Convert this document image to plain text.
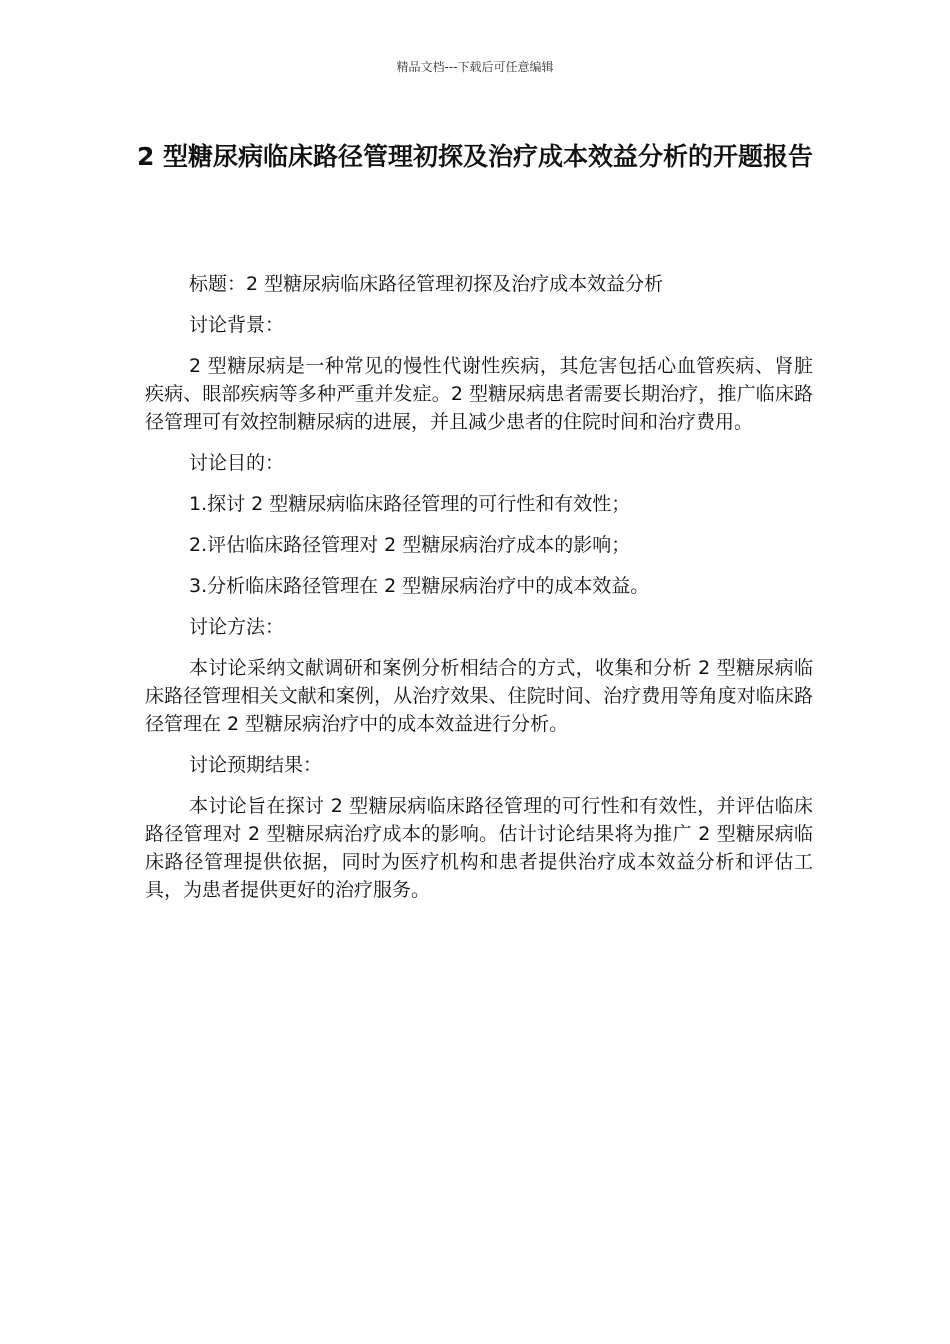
精品文档---下载后可任意编辑
2 型糖尿病临床路径管理初探及治疗成本效益分析的开题报告

标题：2 型糖尿病临床路径管理初探及治疗成本效益分析

讨论背景：

2 型糖尿病是一种常见的慢性代谢性疾病，其危害包括心血管疾病、肾脏疾病、眼部疾病等多种严重并发症。2 型糖尿病患者需要长期治疗，推广临床路径管理可有效控制糖尿病的进展，并且减少患者的住院时间和治疗费用。

讨论目的：

1.探讨 2 型糖尿病临床路径管理的可行性和有效性；

2.评估临床路径管理对 2 型糖尿病治疗成本的影响；

3.分析临床路径管理在 2 型糖尿病治疗中的成本效益。

讨论方法：

本讨论采纳文献调研和案例分析相结合的方式，收集和分析 2 型糖尿病临床路径管理相关文献和案例，从治疗效果、住院时间、治疗费用等角度对临床路径管理在 2 型糖尿病治疗中的成本效益进行分析。

讨论预期结果：

本讨论旨在探讨 2 型糖尿病临床路径管理的可行性和有效性，并评估临床路径管理对 2 型糖尿病治疗成本的影响。估计讨论结果将为推广 2 型糖尿病临床路径管理提供依据，同时为医疗机构和患者提供治疗成本效益分析和评估工具，为患者提供更好的治疗服务。
